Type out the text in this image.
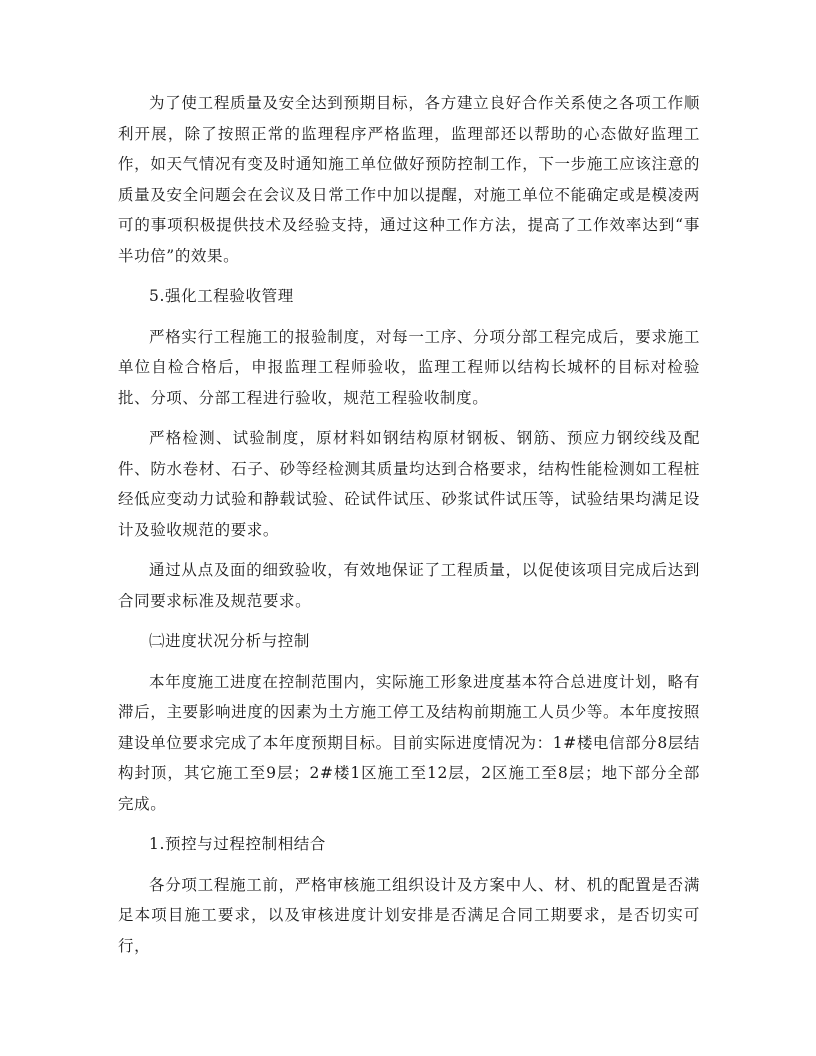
为了使工程质量及安全达到预期目标，各方建立良好合作关系使之各项工作顺利开展，除了按照正常的监理程序严格监理，监理部还以帮助的心态做好监理工作，如天气情况有变及时通知施工单位做好预防控制工作，下一步施工应该注意的质量及安全问题会在会议及日常工作中加以提醒，对施工单位不能确定或是模凌两可的事项积极提供技术及经验支持，通过这种工作方法，提高了工作效率达到“事半功倍”的效果。

5.强化工程验收管理

严格实行工程施工的报验制度，对每一工序、分项分部工程完成后，要求施工单位自检合格后，申报监理工程师验收，监理工程师以结构长城杯的目标对检验批、分项、分部工程进行验收，规范工程验收制度。

严格检测、试验制度，原材料如钢结构原材钢板、钢筋、预应力钢绞线及配件、防水卷材、石子、砂等经检测其质量均达到合格要求，结构性能检测如工程桩经低应变动力试验和静载试验、砼试件试压、砂浆试件试压等，试验结果均满足设计及验收规范的要求。

通过从点及面的细致验收，有效地保证了工程质量，以促使该项目完成后达到合同要求标准及规范要求。

㈡进度状况分析与控制

本年度施工进度在控制范围内，实际施工形象进度基本符合总进度计划，略有滞后，主要影响进度的因素为土方施工停工及结构前期施工人员少等。本年度按照建设单位要求完成了本年度预期目标。目前实际进度情况为：1#楼电信部分8层结构封顶，其它施工至9层；2#楼1区施工至12层，2区施工至8层；地下部分全部完成。

1.预控与过程控制相结合

各分项工程施工前，严格审核施工组织设计及方案中人、材、机的配置是否满足本项目施工要求，以及审核进度计划安排是否满足合同工期要求，是否切实可行，
